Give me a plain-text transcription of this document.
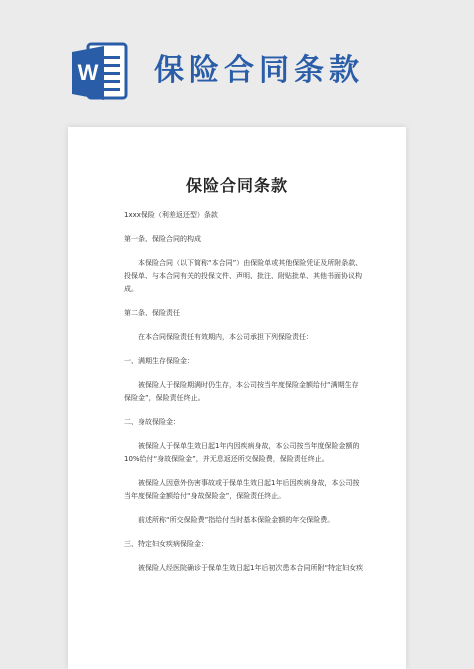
W 保险合同条款
保险合同条款

1xxx保险（利差返还型）条款

第一条、保险合同的构成

本保险合同（以下简称“本合同”）由保险单或其他保险凭证及所附条款、投保单、与本合同有关的投保文件、声明、批注、附贴批单、其他书面协议构成。

第二条、保险责任

在本合同保险责任有效期内，本公司承担下列保险责任：

一、满期生存保险金：

被保险人于保险期满时仍生存，本公司按当年度保险金额给付“满期生存保险金”，保险责任终止。

二、身故保险金：

被保险人于保单生效日起1年内因疾病身故，本公司按当年度保险金额的10%给付“身故保险金”，并无息返还所交保险费，保险责任终止。

被保险人因意外伤害事故或于保单生效日起1年后因疾病身故，本公司按当年度保险金额给付“身故保险金”，保险责任终止。

前述所称“所交保险费”指给付当时基本保险金额的年交保险费。

三、特定妇女疾病保险金：

被保险人经医院确诊于保单生效日起1年后初次患本合同所附“特定妇女疾
